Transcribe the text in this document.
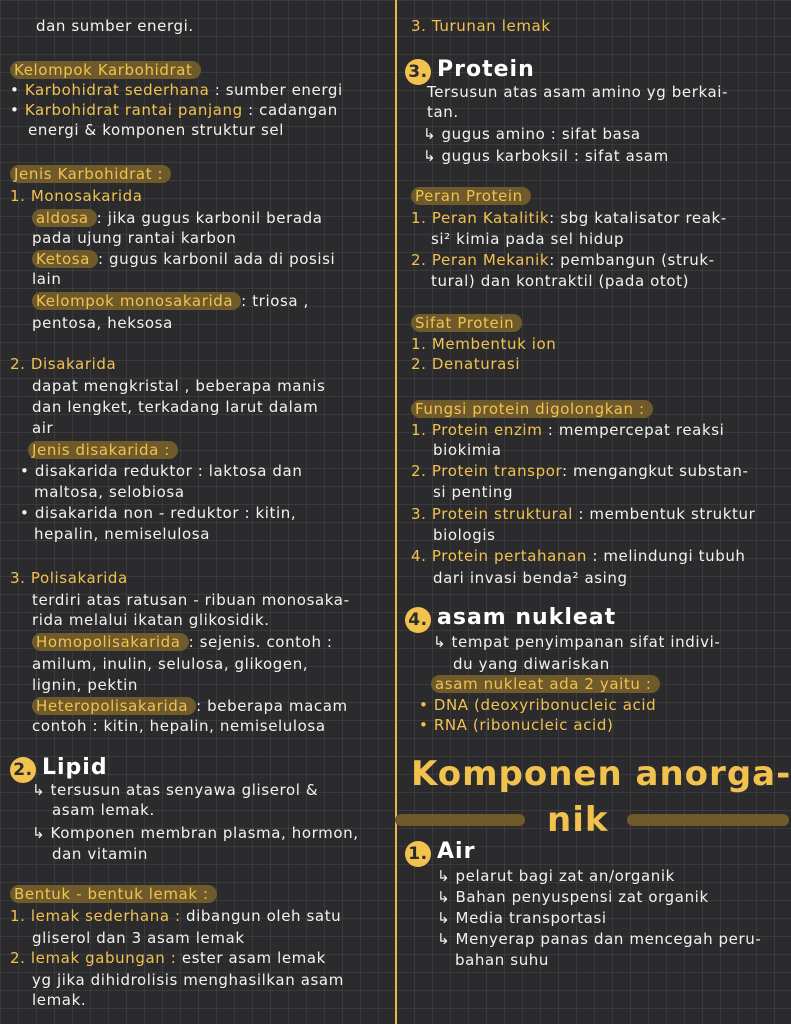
dan sumber energi.
Kelompok Karbohidrat
• Karbohidrat sederhana : sumber energi
• Karbohidrat rantai panjang : cadangan
energi & komponen struktur sel
Jenis Karbohidrat :
1. Monosakarida
aldosa : jika gugus karbonil berada
pada ujung rantai karbon
Ketosa : gugus karbonil ada di posisi
lain
Kelompok monosakarida : triosa ,
pentosa, heksosa
2. Disakarida
dapat mengkristal , beberapa manis
dan lengket, terkadang larut dalam
air
Jenis disakarida :
• disakarida reduktor : laktosa dan
maltosa, selobiosa
• disakarida non - reduktor : kitin,
hepalin, nemiselulosa
3. Polisakarida
terdiri atas ratusan - ribuan monosaka-
rida melalui ikatan glikosidik.
Homopolisakarida : sejenis. contoh :
amilum, inulin, selulosa, glikogen,
lignin, pektin
Heteropolisakarida : beberapa macam
contoh : kitin, hepalin, nemiselulosa
2. Lipid
↳ tersusun atas senyawa gliserol &
asam lemak.
↳ Komponen membran plasma, hormon,
dan vitamin
Bentuk - bentuk lemak :
1. lemak sederhana : dibangun oleh satu
gliserol dan 3 asam lemak
2. lemak gabungan : ester asam lemak
yg jika dihidrolisis menghasilkan asam
lemak.
3. Turunan lemak
3. Protein
Tersusun atas asam amino yg berkai-
tan.
↳ gugus amino : sifat basa
↳ gugus karboksil : sifat asam
Peran Protein
1. Peran Katalitik: sbg katalisator reak-
si² kimia pada sel hidup
2. Peran Mekanik: pembangun (struk-
tural) dan kontraktil (pada otot)
Sifat Protein
1. Membentuk ion
2. Denaturasi
Fungsi protein digolongkan :
1. Protein enzim : mempercepat reaksi
biokimia
2. Protein transpor: mengangkut substan-
si penting
3. Protein struktural : membentuk struktur
biologis
4. Protein pertahanan : melindungi tubuh
dari invasi benda² asing
4. asam nukleat
↳ tempat penyimpanan sifat indivi-
du yang diwariskan
asam nukleat ada 2 yaitu :
• DNA (deoxyribonucleic acid
• RNA (ribonucleic acid)
Komponen anorga-
nik
1. Air
↳ pelarut bagi zat an/organik
↳ Bahan penyuspensi zat organik
↳ Media transportasi
↳ Menyerap panas dan mencegah peru-
bahan suhu
